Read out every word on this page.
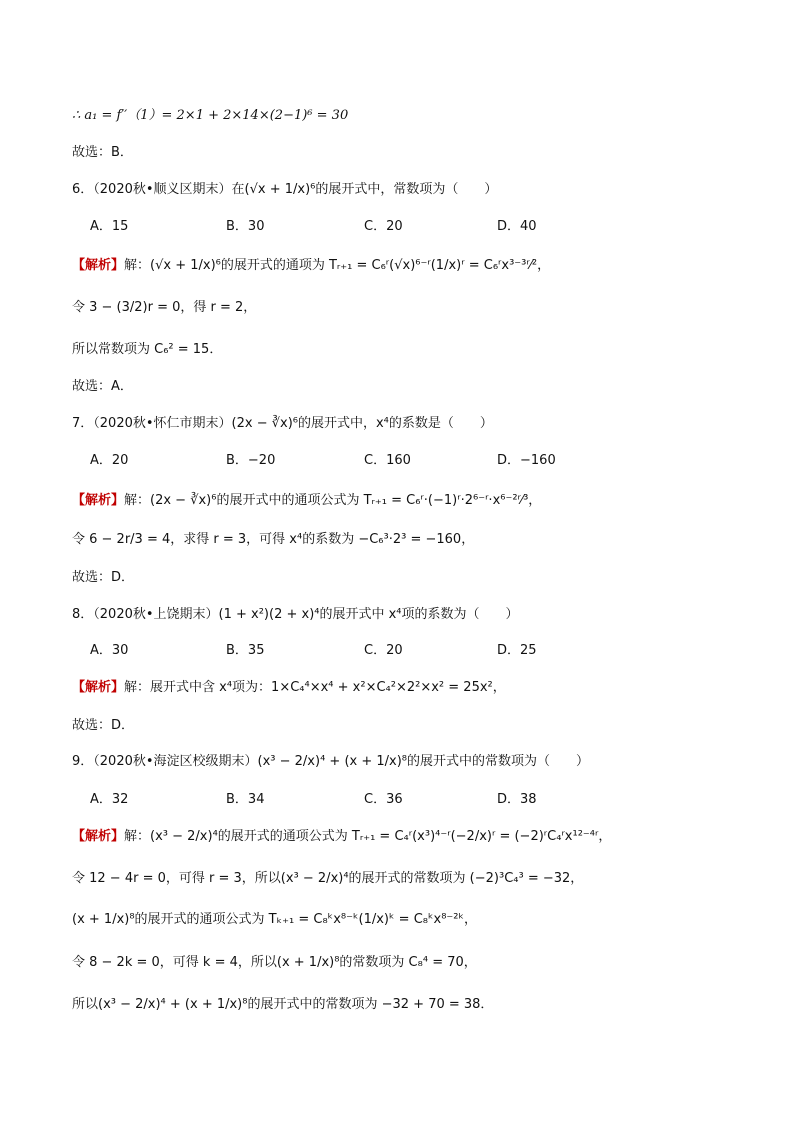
∴ a₁ = f′′（1）= 2×1 + 2×14×(2−1)⁶ = 30
故选：B．
6．（2020秋•顺义区期末）在(√x + 1/x)⁶的展开式中，常数项为（　　）
A．15	B．30	C．20	D．40
【解析】解：(√x + 1/x)⁶的展开式的通项为 Tᵣ₊₁ = C₆ʳ(√x)⁶⁻ʳ(1/x)ʳ = C₆ʳx³⁻³ʳ⁄²，
令 3 − (3/2)r = 0，得 r = 2，
所以常数项为 C₆² = 15．
故选：A．
7．（2020秋•怀仁市期末）(2x − ∛x)⁶的展开式中，x⁴的系数是（　　）
A．20	B．−20	C．160	D．−160
【解析】解：(2x − ∛x)⁶的展开式中的通项公式为 Tᵣ₊₁ = C₆ʳ·(−1)ʳ·2⁶⁻ʳ·x⁶⁻²ʳ⁄³，
令 6 − 2r/3 = 4，求得 r = 3，可得 x⁴的系数为 −C₆³·2³ = −160，
故选：D．
8．（2020秋•上饶期末）(1 + x²)(2 + x)⁴的展开式中 x⁴项的系数为（　　）
A．30	B．35	C．20	D．25
【解析】解：展开式中含 x⁴项为：1×C₄⁴×x⁴ + x²×C₄²×2²×x² = 25x²，
故选：D．
9．（2020秋•海淀区校级期末）(x³ − 2/x)⁴ + (x + 1/x)⁸的展开式中的常数项为（　　）
A．32	B．34	C．36	D．38
【解析】解：(x³ − 2/x)⁴的展开式的通项公式为 Tᵣ₊₁ = C₄ʳ(x³)⁴⁻ʳ(−2/x)ʳ = (−2)ʳC₄ʳx¹²⁻⁴ʳ，
令 12 − 4r = 0，可得 r = 3，所以(x³ − 2/x)⁴的展开式的常数项为 (−2)³C₄³ = −32，
(x + 1/x)⁸的展开式的通项公式为 Tₖ₊₁ = C₈ᵏx⁸⁻ᵏ(1/x)ᵏ = C₈ᵏx⁸⁻²ᵏ，
令 8 − 2k = 0，可得 k = 4，所以(x + 1/x)⁸的常数项为 C₈⁴ = 70，
所以(x³ − 2/x)⁴ + (x + 1/x)⁸的展开式中的常数项为 −32 + 70 = 38．
